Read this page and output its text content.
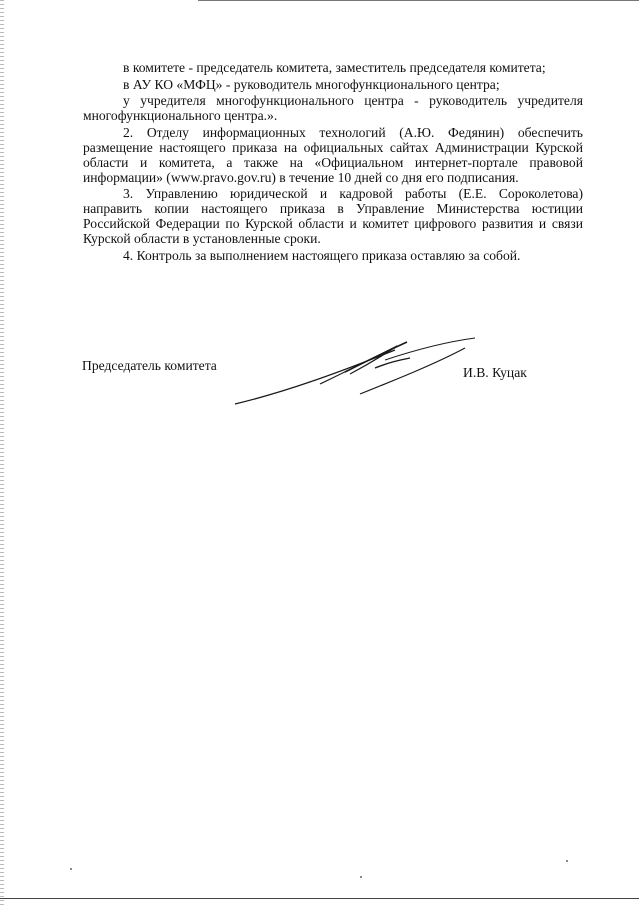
в комитете - председатель комитета, заместитель председателя комитета;

в АУ КО «МФЦ» - руководитель многофункционального центра;

у учредителя многофункционального центра - руководитель учредителя многофункционального центра.».

2. Отделу информационных технологий (А.Ю. Федянин) обеспечить размещение настоящего приказа на официальных сайтах Администрации Курской области и комитета, а также на «Официальном интернет-портале правовой информации» (www.pravo.gov.ru) в течение 10 дней со дня его подписания.

3. Управлению юридической и кадровой работы (Е.Е. Сороколетова) направить копии настоящего приказа в Управление Министерства юстиции Российской Федерации по Курской области и комитет цифрового развития и связи Курской области в установленные сроки.

4. Контроль за выполнением настоящего приказа оставляю за собой.

Председатель комитета	И.В. Куцак
